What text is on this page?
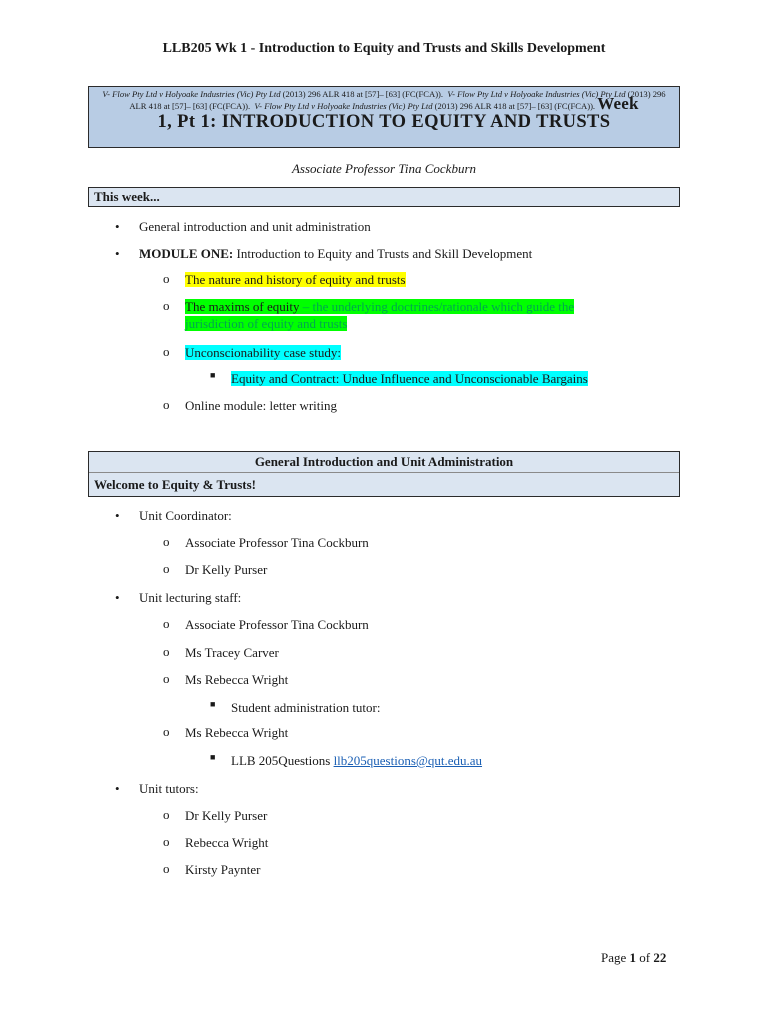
LLB205 Wk 1 - Introduction to Equity and Trusts and Skills Development
V- Flow Pty Ltd v Holyoake Industries (Vic) Pty Ltd (2013) 296 ALR 418 at [57]– [63] (FC(FCA)). V- Flow Pty Ltd v Holyoake Industries (Vic) Pty Ltd (2013) 296 ALR 418 at [57]– [63] (FC(FCA)). V- Flow Pty Ltd v Holyoake Industries (Vic) Pty Ltd (2013) 296 ALR 418 at [57]– [63] (FC(FCA)). Week
1, Pt 1: INTRODUCTION TO EQUITY AND TRUSTS
Associate Professor Tina Cockburn
This week...
• General introduction and unit administration
• MODULE ONE: Introduction to Equity and Trusts and Skill Development
o The nature and history of equity and trusts
o The maxims of equity – the underlying doctrines/rationale which guide the
jurisdiction of equity and trusts
o Unconscionability case study:
■ Equity and Contract: Undue Influence and Unconscionable Bargains
o Online module: letter writing
General Introduction and Unit Administration
Welcome to Equity & Trusts!
• Unit Coordinator:
o Associate Professor Tina Cockburn
o Dr Kelly Purser
• Unit lecturing staff:
o Associate Professor Tina Cockburn
o Ms Tracey Carver
o Ms Rebecca Wright
■ Student administration tutor:
o Ms Rebecca Wright
■ LLB 205Questions llb205questions@qut.edu.au
• Unit tutors:
o Dr Kelly Purser
o Rebecca Wright
o Kirsty Paynter
Page 1 of 22
